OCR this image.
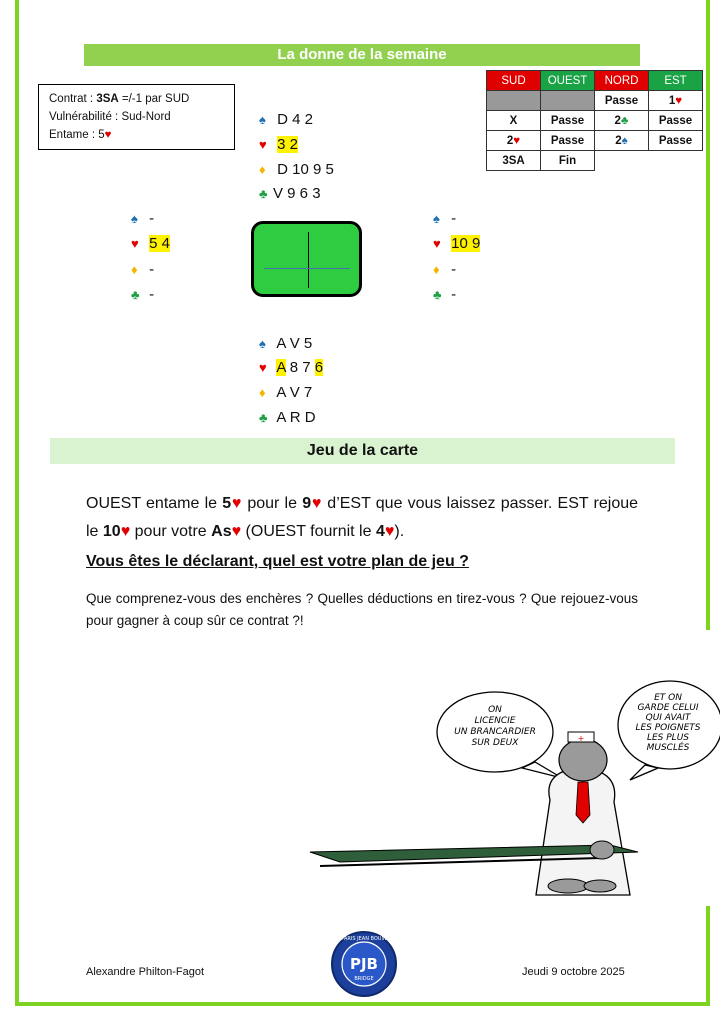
La donne de la semaine
Contrat : 3SA =/-1 par SUD
Vulnérabilité : Sud-Nord
Entame : 5♥
♠ D 4 2
♥ 3 2
♦ D 10 9 5
♣ V 9 6 3
♠ -
♥ 5 4
♦ -
♣ -
♠ -
♥ 10 9
♦ -
♣ -
♠ A V 5
♥ A 8 7 6
♦ A V 7
♣ A R D
SUD	OUEST	NORD	EST
		Passe	1♥
X	Passe	2♣	Passe
2♥	Passe	2♠	Passe
3SA	Fin		
Jeu de la carte
OUEST entame le 5♥ pour le 9♥ d’EST que vous laissez passer. EST rejoue le 10♥ pour votre As♥ (OUEST fournit le 4♥).
Vous êtes le déclarant, quel est votre plan de jeu ?
Que comprenez-vous des enchères ? Quelles déductions en tirez-vous ? Que rejouez-vous pour gagner à coup sûr ce contrat ?!
ON LICENCIE UN BRANCARDIER SUR DEUX
ET ON GARDE CELUI QUI AVAIT LES POIGNETS LES PLUS MUSCLÉS
+
Alexandre Philton-Fagot
PARIS JEAN BOUIN
PJB
BRIDGE
Jeudi 9 octobre 2025
